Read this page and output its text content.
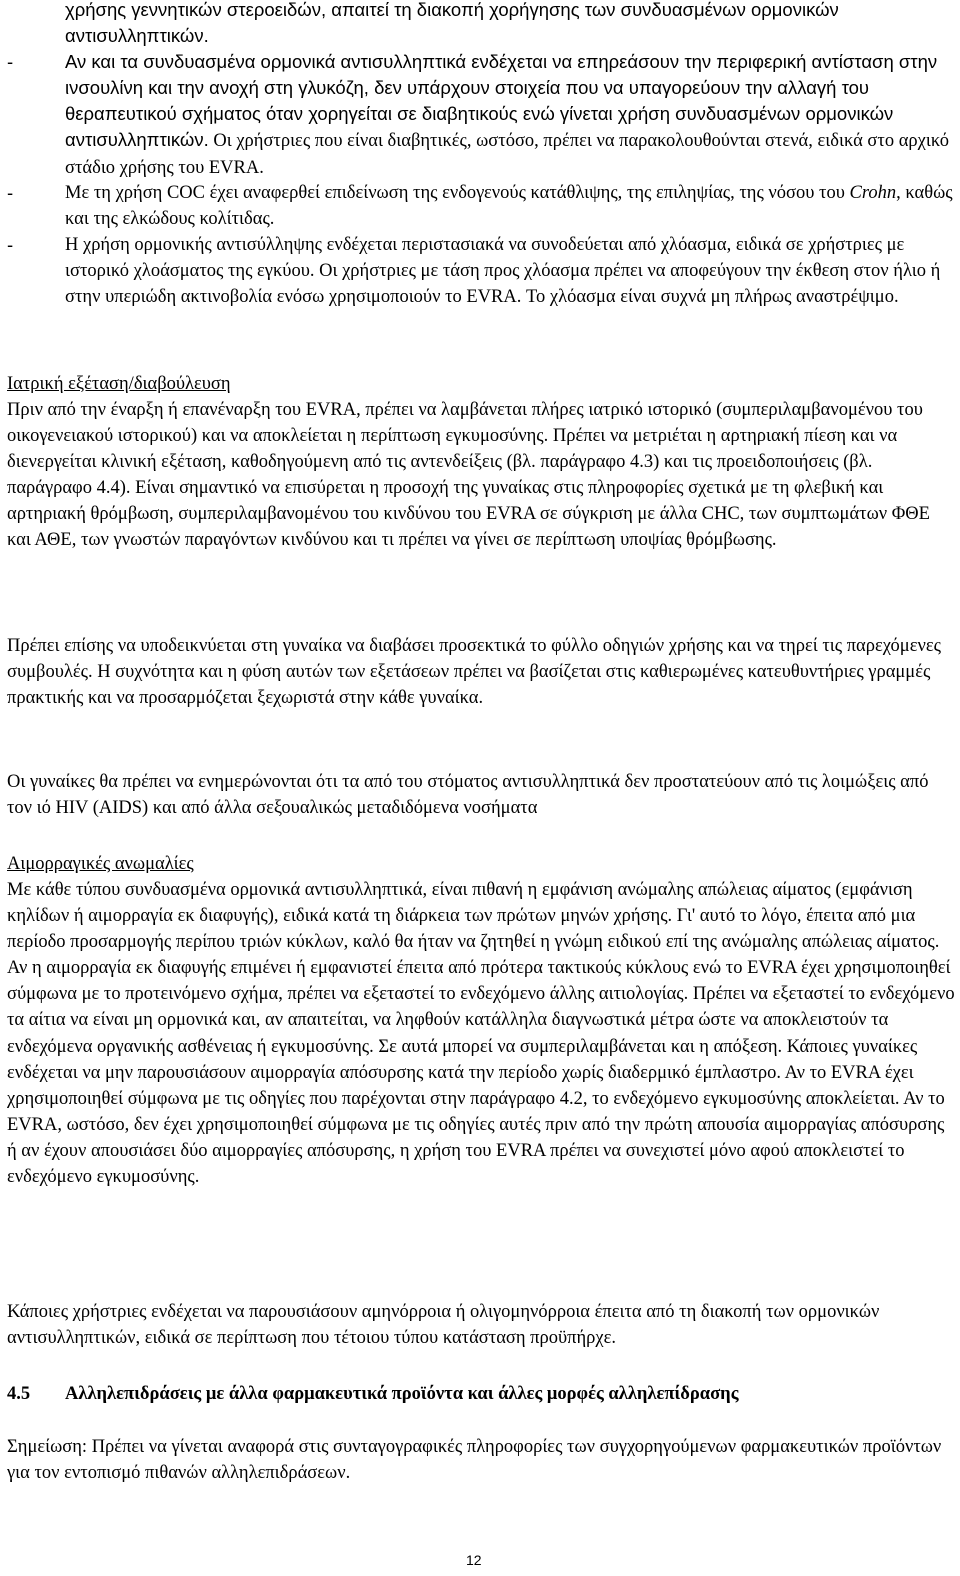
χρήσης γεννητικών στεροειδών, απαιτεί τη διακοπή χορήγησης των συνδυασμένων ορμονικών αντισυλληπτικών.

-	Αν και τα συνδυασμένα ορμονικά αντισυλληπτικά ενδέχεται να επηρεάσουν την περιφερική αντίσταση στην ινσουλίνη και την ανοχή στη γλυκόζη, δεν υπάρχουν στοιχεία που να υπαγορεύουν την αλλαγή του θεραπευτικού σχήματος όταν χορηγείται σε διαβητικούς ενώ γίνεται χρήση συνδυασμένων ορμονικών αντισυλληπτικών. Οι χρήστριες που είναι διαβητικές, ωστόσο, πρέπει να παρακολουθούνται στενά, ειδικά στο αρχικό στάδιο χρήσης του EVRA.

-	Με τη χρήση COC έχει αναφερθεί επιδείνωση της ενδογενούς κατάθλιψης, της επιληψίας, της νόσου του Crohn, καθώς και της ελκώδους κολίτιδας.

-	Η χρήση ορμονικής αντισύλληψης ενδέχεται περιστασιακά να συνοδεύεται από χλόασμα, ειδικά σε χρήστριες με ιστορικό χλοάσματος της εγκύου. Οι χρήστριες με τάση προς χλόασμα πρέπει να αποφεύγουν την έκθεση στον ήλιο ή στην υπεριώδη ακτινοβολία ενόσω χρησιμοποιούν το EVRA. Το χλόασμα είναι συχνά μη πλήρως αναστρέψιμο.

Ιατρική εξέταση/διαβούλευση

Πριν από την έναρξη ή επανέναρξη του EVRA, πρέπει να λαμβάνεται πλήρες ιατρικό ιστορικό (συμπεριλαμβανομένου του οικογενειακού ιστορικού) και να αποκλείεται η περίπτωση εγκυμοσύνης. Πρέπει να μετριέται η αρτηριακή πίεση και να διενεργείται κλινική εξέταση, καθοδηγούμενη από τις αντενδείξεις (βλ. παράγραφο 4.3) και τις προειδοποιήσεις (βλ. παράγραφο 4.4). Είναι σημαντικό να επισύρεται η προσοχή της γυναίκας στις πληροφορίες σχετικά με τη φλεβική και αρτηριακή θρόμβωση, συμπεριλαμβανομένου του κινδύνου του EVRA σε σύγκριση με άλλα CHC, των συμπτωμάτων ΦΘΕ και ΑΘΕ, των γνωστών παραγόντων κινδύνου και τι πρέπει να γίνει σε περίπτωση υποψίας θρόμβωσης.

Πρέπει επίσης να υποδεικνύεται στη γυναίκα να διαβάσει προσεκτικά το φύλλο οδηγιών χρήσης και να τηρεί τις παρεχόμενες συμβουλές. Η συχνότητα και η φύση αυτών των εξετάσεων πρέπει να βασίζεται στις καθιερωμένες κατευθυντήριες γραμμές πρακτικής και να προσαρμόζεται ξεχωριστά στην κάθε γυναίκα.

Οι γυναίκες θα πρέπει να ενημερώνονται ότι τα από του στόματος αντισυλληπτικά δεν προστατεύουν από τις λοιμώξεις από τον ιό HIV (AIDS) και από άλλα σεξουαλικώς μεταδιδόμενα νοσήματα

Αιμορραγικές ανωμαλίες

Με κάθε τύπου συνδυασμένα ορμονικά αντισυλληπτικά, είναι πιθανή η εμφάνιση ανώμαλης απώλειας αίματος (εμφάνιση κηλίδων ή αιμορραγία εκ διαφυγής), ειδικά κατά τη διάρκεια των πρώτων μηνών χρήσης. Γι' αυτό το λόγο, έπειτα από μια περίοδο προσαρμογής περίπου τριών κύκλων, καλό θα ήταν να ζητηθεί η γνώμη ειδικού επί της ανώμαλης απώλειας αίματος. Αν η αιμορραγία εκ διαφυγής επιμένει ή εμφανιστεί έπειτα από πρότερα τακτικούς κύκλους ενώ το EVRA έχει χρησιμοποιηθεί σύμφωνα με το προτεινόμενο σχήμα, πρέπει να εξεταστεί το ενδεχόμενο άλλης αιτιολογίας. Πρέπει να εξεταστεί το ενδεχόμενο τα αίτια να είναι μη ορμονικά και, αν απαιτείται, να ληφθούν κατάλληλα διαγνωστικά μέτρα ώστε να αποκλειστούν τα ενδεχόμενα οργανικής ασθένειας ή εγκυμοσύνης. Σε αυτά μπορεί να συμπεριλαμβάνεται και η απόξεση. Κάποιες γυναίκες ενδέχεται να μην παρουσιάσουν αιμορραγία απόσυρσης κατά την περίοδο χωρίς διαδερμικό έμπλαστρο. Αν το EVRA έχει χρησιμοποιηθεί σύμφωνα με τις οδηγίες που παρέχονται στην παράγραφο 4.2, το ενδεχόμενο εγκυμοσύνης αποκλείεται. Αν το EVRA, ωστόσο, δεν έχει χρησιμοποιηθεί σύμφωνα με τις οδηγίες αυτές πριν από την πρώτη απουσία αιμορραγίας απόσυρσης ή αν έχουν απουσιάσει δύο αιμορραγίες απόσυρσης, η χρήση του EVRA πρέπει να συνεχιστεί μόνο αφού αποκλειστεί το ενδεχόμενο εγκυμοσύνης.

Κάποιες χρήστριες ενδέχεται να παρουσιάσουν αμηνόρροια ή ολιγομηνόρροια έπειτα από τη διακοπή των ορμονικών αντισυλληπτικών, ειδικά σε περίπτωση που τέτοιου τύπου κατάσταση προϋπήρχε.

4.5 Αλληλεπιδράσεις με άλλα φαρμακευτικά προϊόντα και άλλες μορφές αλληλεπίδρασης

Σημείωση: Πρέπει να γίνεται αναφορά στις συνταγογραφικές πληροφορίες των συγχορηγούμενων φαρμακευτικών προϊόντων για τον εντοπισμό πιθανών αλληλεπιδράσεων.

12
